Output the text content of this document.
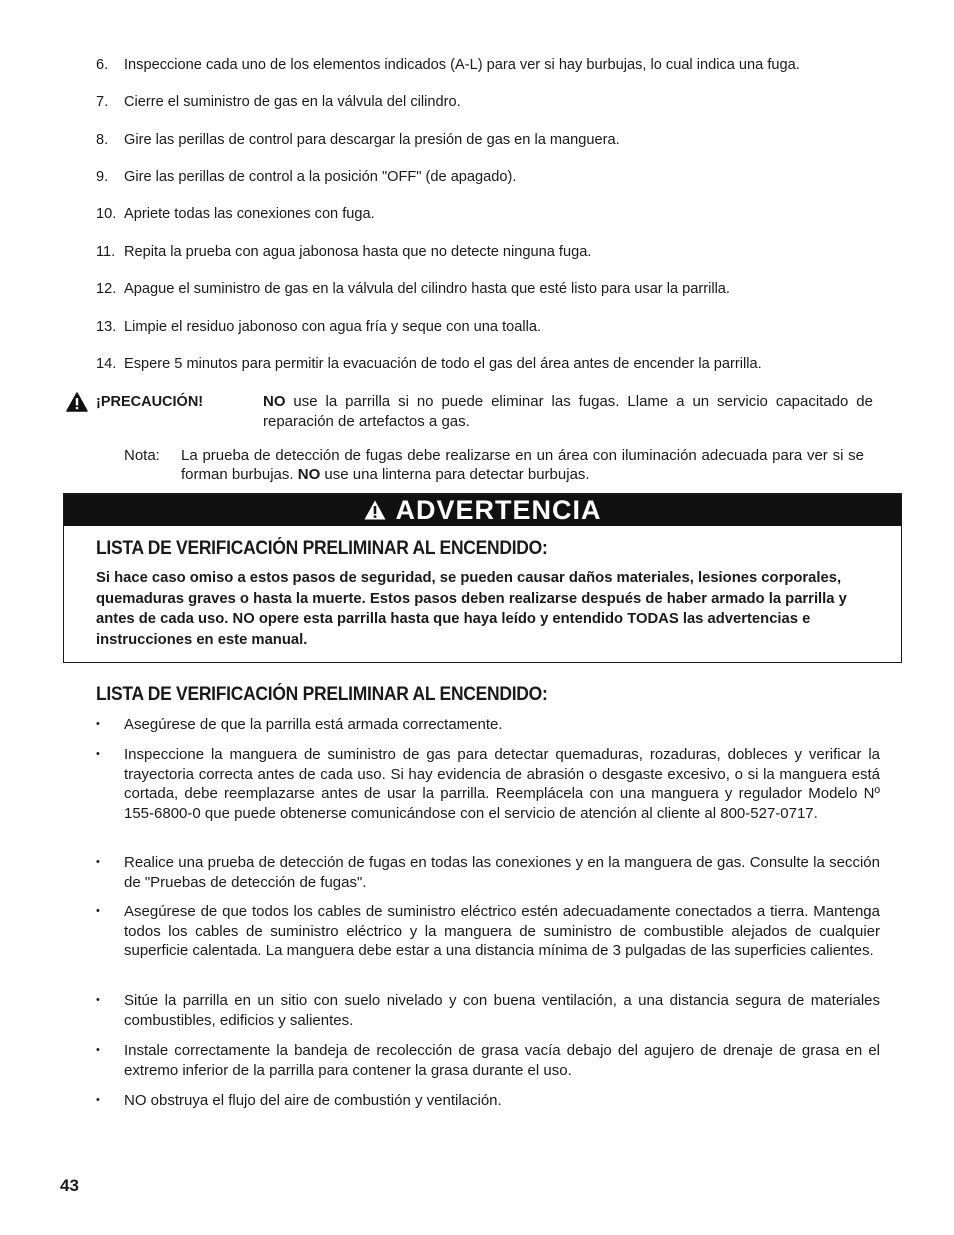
6. Inspeccione cada uno de los elementos indicados (A-L) para ver si hay burbujas, lo cual indica una fuga.
7. Cierre el suministro de gas en la válvula del cilindro.
8. Gire las perillas de control para descargar la presión de gas en la manguera.
9. Gire las perillas de control a la posición "OFF" (de apagado).
10. Apriete todas las conexiones con fuga.
11. Repita la prueba con agua jabonosa hasta que no detecte ninguna fuga.
12. Apague el suministro de gas en la válvula del cilindro hasta que esté listo para usar la parrilla.
13. Limpie el residuo jabonoso con agua fría y seque con una toalla.
14. Espere 5 minutos para permitir la evacuación de todo el gas del área antes de encender la parrilla.
¡PRECAUCIÓN!	NO use la parrilla si no puede eliminar las fugas. Llame a un servicio capacitado de reparación de artefactos a gas.
Nota: La prueba de detección de fugas debe realizarse en un área con iluminación adecuada para ver si se forman burbujas. NO use una linterna para detectar burbujas.
ADVERTENCIA
LISTA DE VERIFICACIÓN PRELIMINAR AL ENCENDIDO:
Si hace caso omiso a estos pasos de seguridad, se pueden causar daños materiales, lesiones corporales, quemaduras graves o hasta la muerte. Estos pasos deben realizarse después de haber armado la parrilla y antes de cada uso. NO opere esta parrilla hasta que haya leído y entendido TODAS las advertencias e instrucciones en este manual.
LISTA DE VERIFICACIÓN PRELIMINAR AL ENCENDIDO:
• Asegúrese de que la parrilla está armada correctamente.
• Inspeccione la manguera de suministro de gas para detectar quemaduras, rozaduras, dobleces y verificar la trayectoria correcta antes de cada uso. Si hay evidencia de abrasión o desgaste excesivo, o si la manguera está cortada, debe reemplazarse antes de usar la parrilla. Reemplácela con una manguera y regulador Modelo Nº 155-6800-0 que puede obtenerse comunicándose con el servicio de atención al cliente al 800-527-0717.
• Realice una prueba de detección de fugas en todas las conexiones y en la manguera de gas. Consulte la sección de "Pruebas de detección de fugas".
• Asegúrese de que todos los cables de suministro eléctrico estén adecuadamente conectados a tierra. Mantenga todos los cables de suministro eléctrico y la manguera de suministro de combustible alejados de cualquier superficie calentada. La manguera debe estar a una distancia mínima de 3 pulgadas de las superficies calientes.
• Sitúe la parrilla en un sitio con suelo nivelado y con buena ventilación, a una distancia segura de materiales combustibles, edificios y salientes.
• Instale correctamente la bandeja de recolección de grasa vacía debajo del agujero de drenaje de grasa en el extremo inferior de la parrilla para contener la grasa durante el uso.
• NO obstruya el flujo del aire de combustión y ventilación.
43
